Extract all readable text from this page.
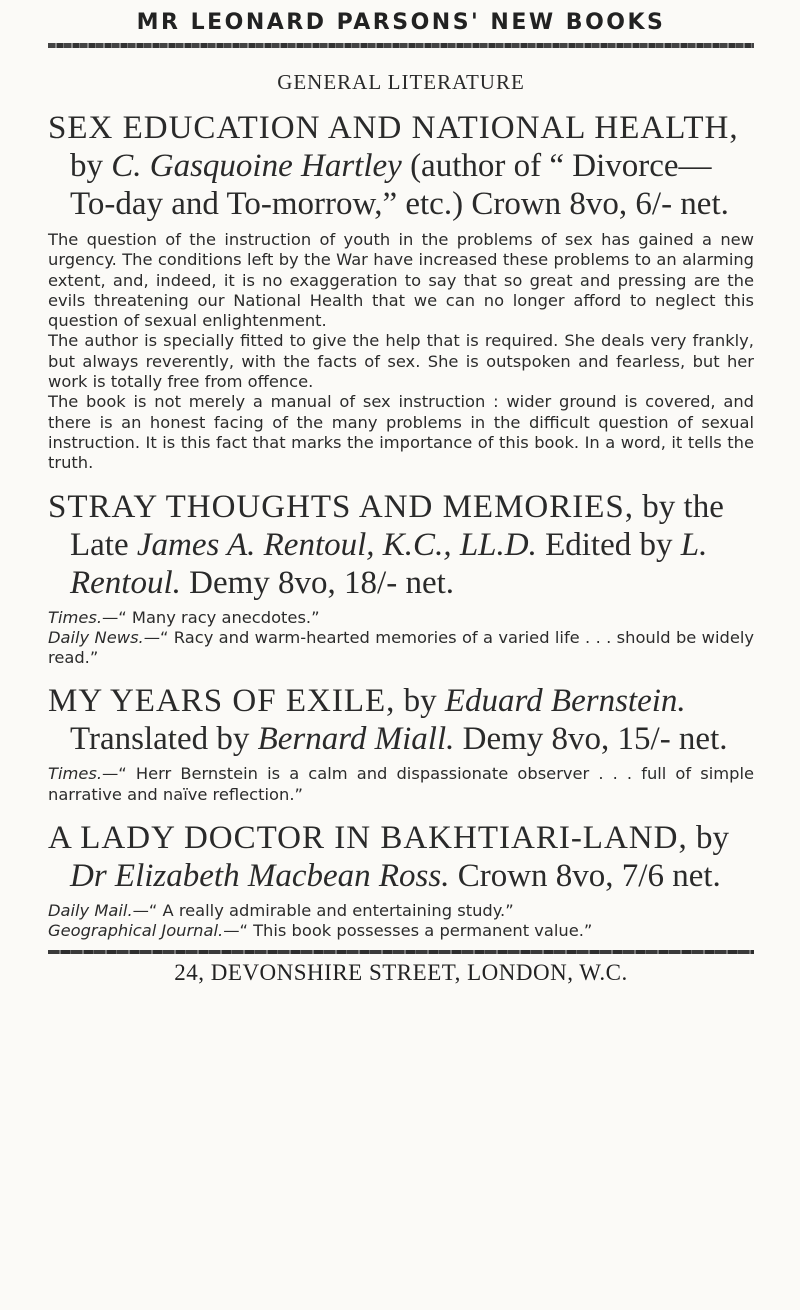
MR LEONARD PARSONS' NEW BOOKS
GENERAL LITERATURE

SEX EDUCATION AND NATIONAL HEALTH, by C. Gasquoine Hartley (author of “ Divorce—To-day and To-morrow,” etc.) Crown 8vo, 6/- net.

The question of the instruction of youth in the problems of sex has gained a new urgency. The conditions left by the War have increased these problems to an alarming extent, and, indeed, it is no exaggeration to say that so great and pressing are the evils threatening our National Health that we can no longer afford to neglect this question of sexual enlightenment.

The author is specially fitted to give the help that is required. She deals very frankly, but always reverently, with the facts of sex. She is outspoken and fearless, but her work is totally free from offence.

The book is not merely a manual of sex instruction : wider ground is covered, and there is an honest facing of the many problems in the difficult question of sexual instruction. It is this fact that marks the importance of this book. In a word, it tells the truth.

STRAY THOUGHTS AND MEMORIES, by the Late James A. Rentoul, K.C., LL.D. Edited by L. Rentoul. Demy 8vo, 18/- net.

Times.—“ Many racy anecdotes.”

Daily News.—“ Racy and warm-hearted memories of a varied life . . . should be widely read.”

MY YEARS OF EXILE, by Eduard Bernstein. Translated by Bernard Miall. Demy 8vo, 15/- net.

Times.—“ Herr Bernstein is a calm and dispassionate observer . . . full of simple narrative and naïve reflection.”

A LADY DOCTOR IN BAKHTIARI-LAND, by Dr Elizabeth Macbean Ross. Crown 8vo, 7/6 net.

Daily Mail.—“ A really admirable and entertaining study.”

Geographical Journal.—“ This book possesses a permanent value.”

24, DEVONSHIRE STREET, LONDON, W.C.
